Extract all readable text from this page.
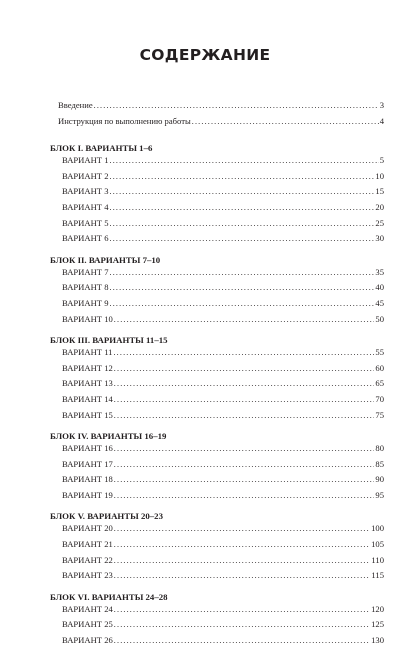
СОДЕРЖАНИЕ
Введение .....	3
Инструкция по выполнению работы .....	4
БЛОК I. ВАРИАНТЫ 1–6
ВАРИАНТ 1 .....	5
ВАРИАНТ 2 .....	10
ВАРИАНТ 3 .....	15
ВАРИАНТ 4 .....	20
ВАРИАНТ 5 .....	25
ВАРИАНТ 6 .....	30
БЛОК II. ВАРИАНТЫ 7–10
ВАРИАНТ 7 .....	35
ВАРИАНТ 8 .....	40
ВАРИАНТ 9 .....	45
ВАРИАНТ 10 .....	50
БЛОК III. ВАРИАНТЫ 11–15
ВАРИАНТ 11 .....	55
ВАРИАНТ 12 .....	60
ВАРИАНТ 13 .....	65
ВАРИАНТ 14 .....	70
ВАРИАНТ 15 .....	75
БЛОК IV. ВАРИАНТЫ 16–19
ВАРИАНТ 16 .....	80
ВАРИАНТ 17 .....	85
ВАРИАНТ 18 .....	90
ВАРИАНТ 19 .....	95
БЛОК V. ВАРИАНТЫ 20–23
ВАРИАНТ 20 .....	100
ВАРИАНТ 21 .....	105
ВАРИАНТ 22 .....	110
ВАРИАНТ 23 .....	115
БЛОК VI. ВАРИАНТЫ 24–28
ВАРИАНТ 24 .....	120
ВАРИАНТ 25 .....	125
ВАРИАНТ 26 .....	130
